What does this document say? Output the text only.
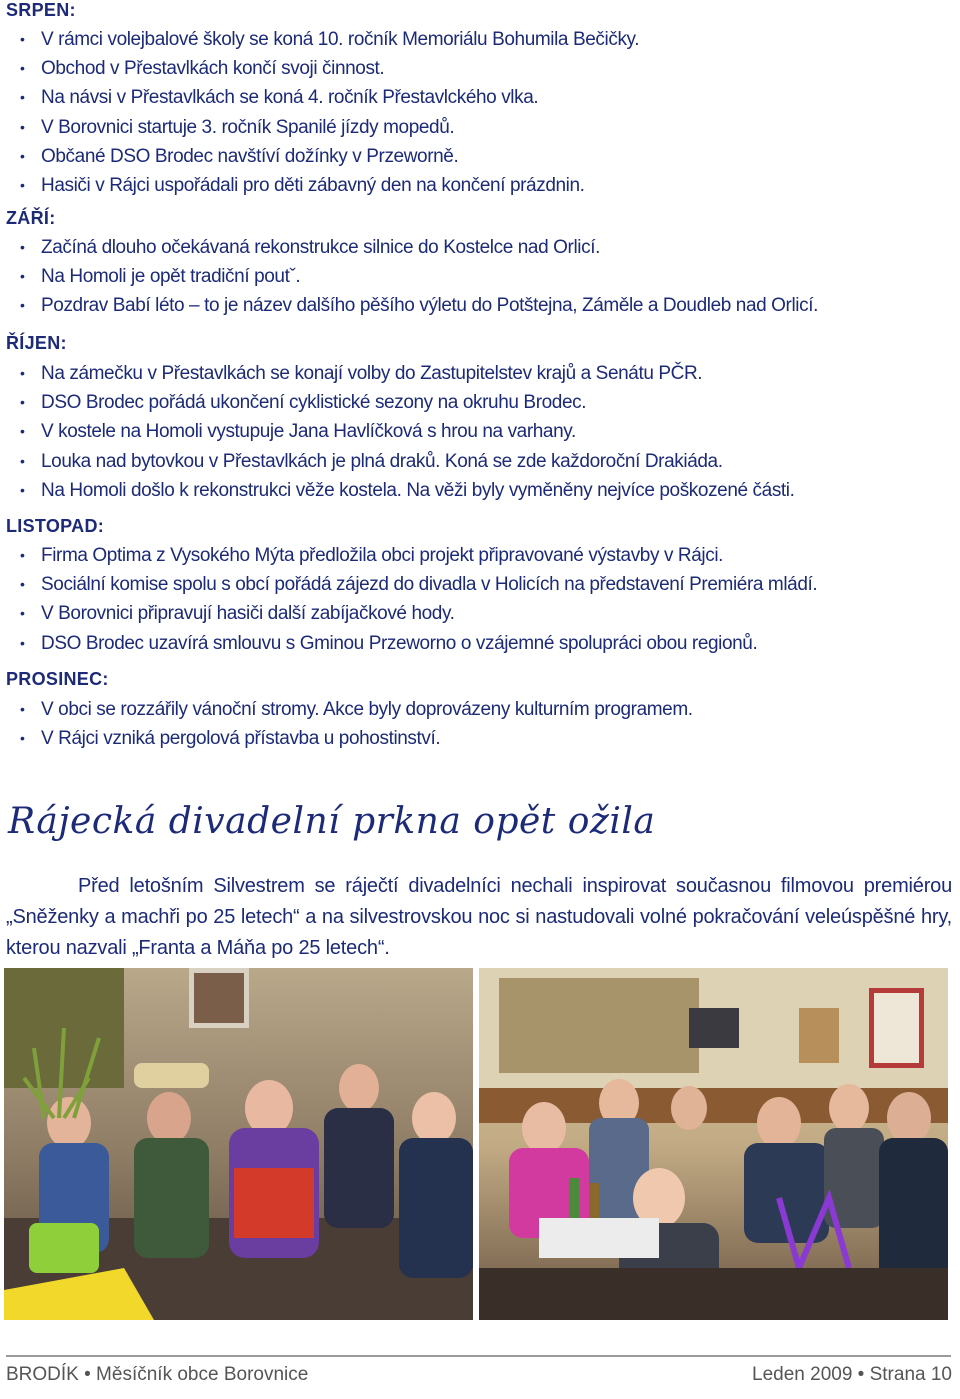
SRPEN:
• V rámci volejbalové školy se koná 10. ročník Memoriálu Bohumila Bečičky.
• Obchod v Přestavlkách končí svoji činnost.
• Na návsi v Přestavlkách se koná 4. ročník Přestavlckého vlka.
• V Borovnici startuje 3. ročník Spanilé jízdy mopedů.
• Občané DSO Brodec navštíví dožínky v Przeworně.
• Hasiči v Rájci uspořádali pro děti zábavný den na končení prázdnin.
ZÁŘÍ:
• Začíná dlouho očekávaná rekonstrukce silnice do Kostelce nad Orlicí.
• Na Homoli je opět tradiční poutˇ.
• Pozdrav Babí léto – to je název dalšího pěšího výletu do Potštejna, Záměle a Doudleb nad Orlicí.
ŘÍJEN:
• Na zámečku v Přestavlkách se konají volby do Zastupitelstev krajů a Senátu PČR.
• DSO Brodec pořádá ukončení cyklistické sezony na okruhu Brodec.
• V kostele na Homoli vystupuje Jana Havlíčková s hrou na varhany.
• Louka nad bytovkou v Přestavlkách je plná draků. Koná se zde každoroční Drakiáda.
• Na Homoli došlo k rekonstrukci věže kostela. Na věži byly vyměněny nejvíce poškozené části.
LISTOPAD:
• Firma Optima z Vysokého Mýta předložila obci projekt připravované výstavby v Rájci.
• Sociální komise spolu s obcí pořádá zájezd do divadla v Holicích na představení Premiéra mládí.
• V Borovnici připravují hasiči další zabíjačkové hody.
• DSO Brodec uzavírá smlouvu s Gminou Przeworno o vzájemné spolupráci obou regionů.
PROSINEC:
• V obci se rozzářily vánoční stromy. Akce byly doprovázeny kulturním programem.
• V Rájci vzniká pergolová přístavba u pohostinství.
Rájecká divadelní prkna opět ožila

Před letošním Silvestrem se ráječtí divadelníci nechali inspirovat současnou filmovou premiérou „Sněženky a machři po 25 letech“ a na silvestrovskou noc si nastudovali volné pokračování veleúspěšné hry, kterou nazvali „Franta a Máňa po 25 letech“.

BRODÍK • Měsíčník obce Borovnice	Leden 2009 • Strana 10
